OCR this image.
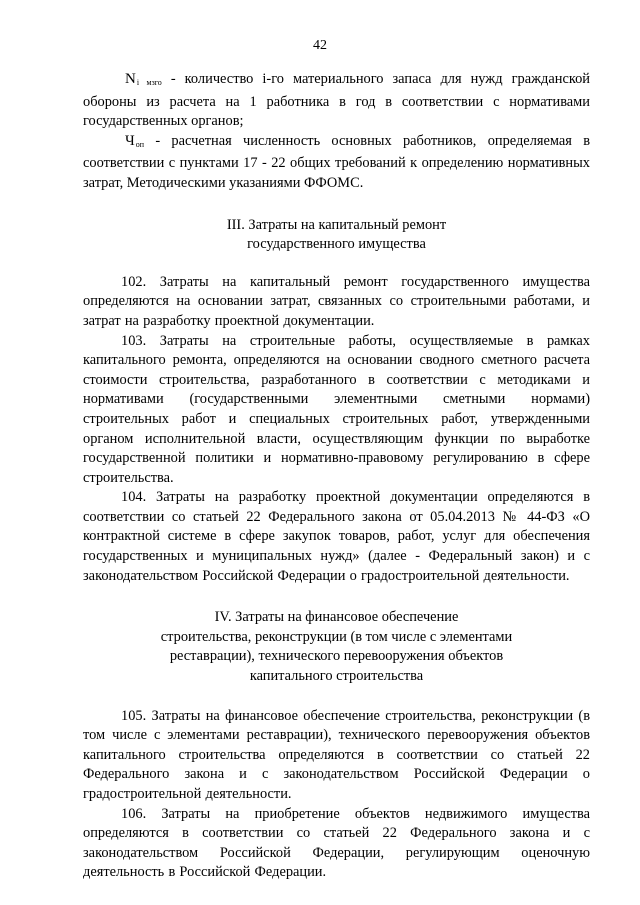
42

$N_{i мзго}$ - количество i-го материального запаса для нужд гражданской обороны из расчета на 1 работника в год в соответствии с нормативами государственных органов;

$Ч_{оп}$ - расчетная численность основных работников, определяемая в соответствии с пунктами 17 - 22 общих требований к определению нормативных затрат, Методическими указаниями ФФОМС.

III. Затраты на капитальный ремонт
государственного имущества

102. Затраты на капитальный ремонт государственного имущества определяются на основании затрат, связанных со строительными работами, и затрат на разработку проектной документации.

103. Затраты на строительные работы, осуществляемые в рамках капитального ремонта, определяются на основании сводного сметного расчета стоимости строительства, разработанного в соответствии с методиками и нормативами (государственными элементными сметными нормами) строительных работ и специальных строительных работ, утвержденными органом исполнительной власти, осуществляющим функции по выработке государственной политики и нормативно-правовому регулированию в сфере строительства.

104. Затраты на разработку проектной документации определяются в соответствии со статьей 22 Федерального закона от 05.04.2013 № 44-ФЗ «О контрактной системе в сфере закупок товаров, работ, услуг для обеспечения государственных и муниципальных нужд» (далее - Федеральный закон) и с законодательством Российской Федерации о градостроительной деятельности.

IV. Затраты на финансовое обеспечение
строительства, реконструкции (в том числе с элементами
реставрации), технического перевооружения объектов
капитального строительства

105. Затраты на финансовое обеспечение строительства, реконструкции (в том числе с элементами реставрации), технического перевооружения объектов капитального строительства определяются в соответствии со статьей 22 Федерального закона и с законодательством Российской Федерации о градостроительной деятельности.

106. Затраты на приобретение объектов недвижимого имущества определяются в соответствии со статьей 22 Федерального закона и с законодательством Российской Федерации, регулирующим оценочную деятельность в Российской Федерации.
